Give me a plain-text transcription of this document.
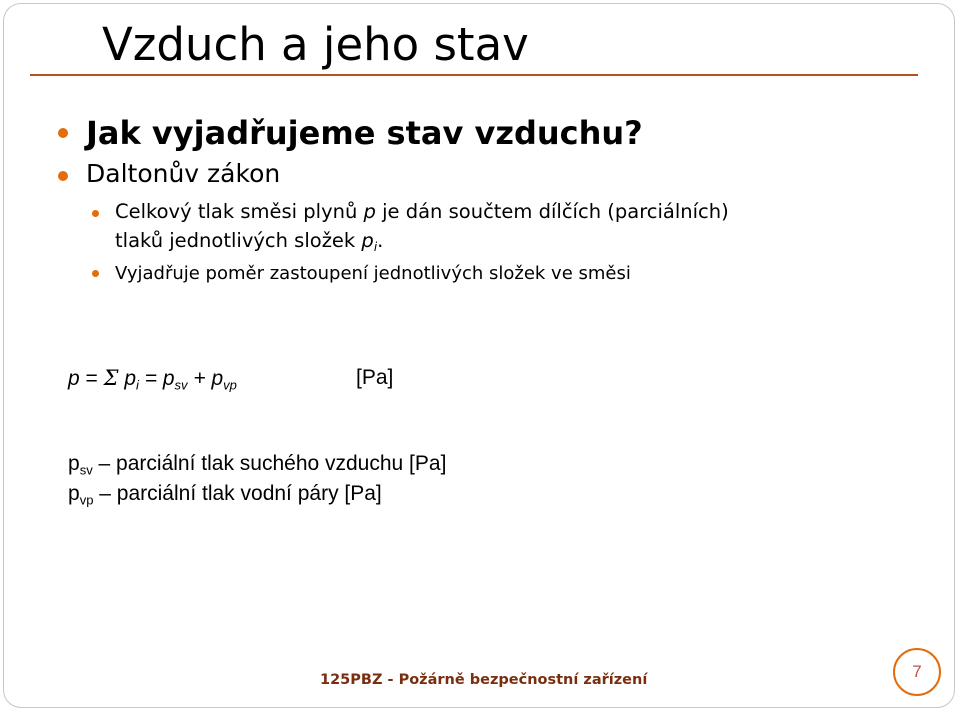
Vzduch a jeho stav
Jak vyjadřujeme stav vzduchu?
Daltonův zákon
Celkový tlak směsi plynů p je dán součtem dílčích (parciálních)
tlaků jednotlivých složek $p_i$.
Vyjadřuje poměr zastoupení jednotlivých složek ve směsi
p = Σ $p_i = p_{sv} + p_{vp}$	[Pa]
$p_{sv}$ – parciální tlak suchého vzduchu [Pa]
$p_{vp}$ – parciální tlak vodní páry [Pa]
125PBZ - Požárně bezpečnostní zařízení	7
